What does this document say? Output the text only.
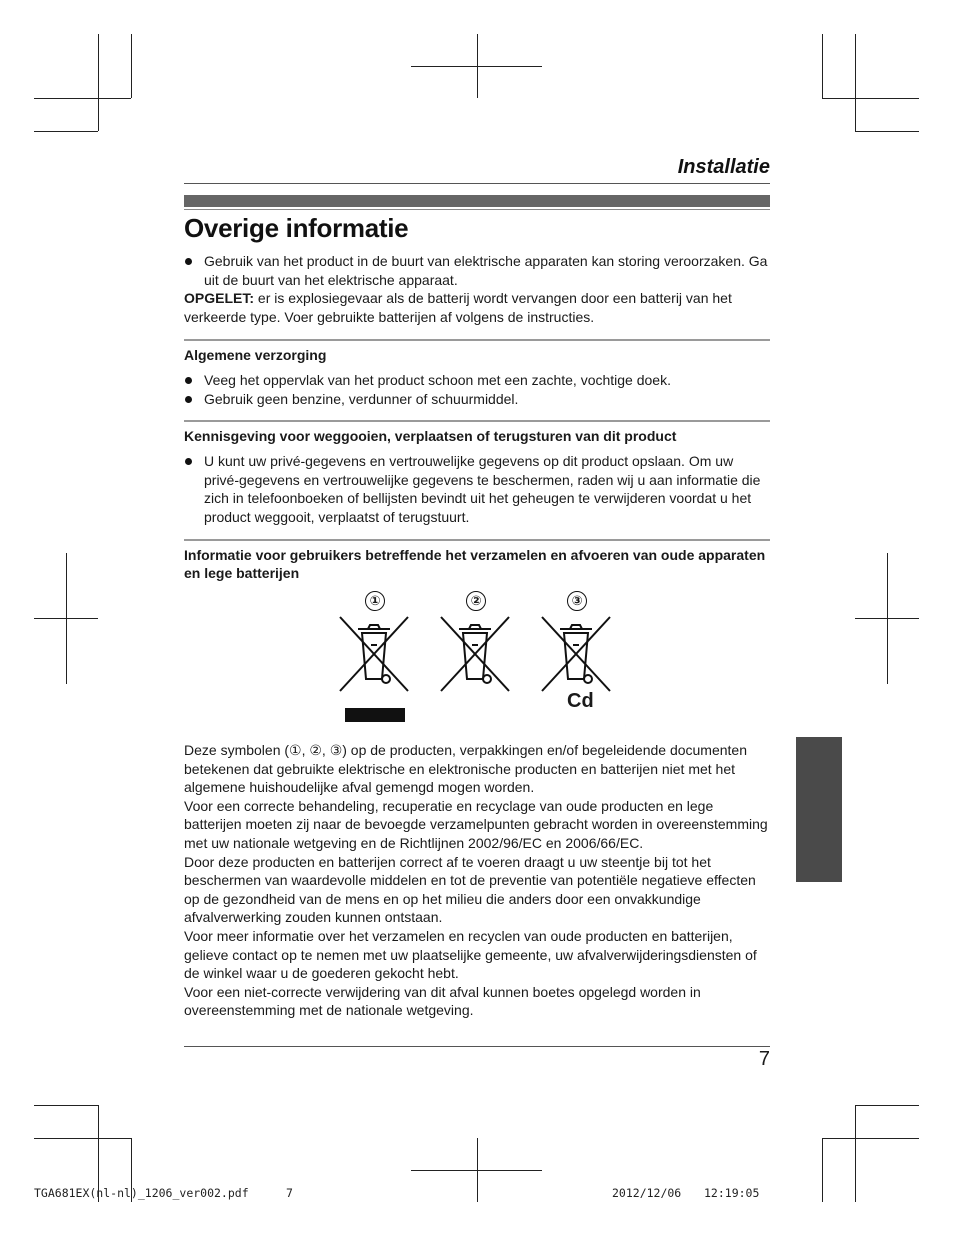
Installatie
Overige informatie
Gebruik van het product in de buurt van elektrische apparaten kan storing veroorzaken. Ga uit de buurt van het elektrische apparaat.

OPGELET: er is explosiegevaar als de batterij wordt vervangen door een batterij van het verkeerde type. Voer gebruikte batterijen af volgens de instructies.

Algemene verzorging
Veeg het oppervlak van het product schoon met een zachte, vochtige doek.
Gebruik geen benzine, verdunner of schuurmiddel.
Kennisgeving voor weggooien, verplaatsen of terugsturen van dit product
U kunt uw privé-gegevens en vertrouwelijke gegevens op dit product opslaan. Om uw privé-gegevens en vertrouwelijke gegevens te beschermen, raden wij u aan informatie die zich in telefoonboeken of bellijsten bevindt uit het geheugen te verwijderen voordat u het product weggooit, verplaatst of terugstuurt.
Informatie voor gebruikers betreffende het verzamelen en afvoeren van oude apparaten en lege batterijen
①	②	③
Cd

Deze symbolen (①, ②, ③) op de producten, verpakkingen en/of begeleidende documenten betekenen dat gebruikte elektrische en elektronische producten en batterijen niet met het algemene huishoudelijke afval gemengd mogen worden.

Voor een correcte behandeling, recuperatie en recyclage van oude producten en lege batterijen moeten zij naar de bevoegde verzamelpunten gebracht worden in overeenstemming met uw nationale wetgeving en de Richtlijnen 2002/96/EC en 2006/66/EC.

Door deze producten en batterijen correct af te voeren draagt u uw steentje bij tot het beschermen van waardevolle middelen en tot de preventie van potentiële negatieve effecten op de gezondheid van de mens en op het milieu die anders door een onvakkundige afvalverwerking zouden kunnen ontstaan.

Voor meer informatie over het verzamelen en recyclen van oude producten en batterijen, gelieve contact op te nemen met uw plaatselijke gemeente, uw afvalverwijderingsdiensten of de winkel waar u de goederen gekocht hebt.

Voor een niet-correcte verwijdering van dit afval kunnen boetes opgelegd worden in overeenstemming met de nationale wetgeving.

7
TGA681EX(nl-nl)_1206_ver002.pdf	7	2012/12/06 12:19:05
